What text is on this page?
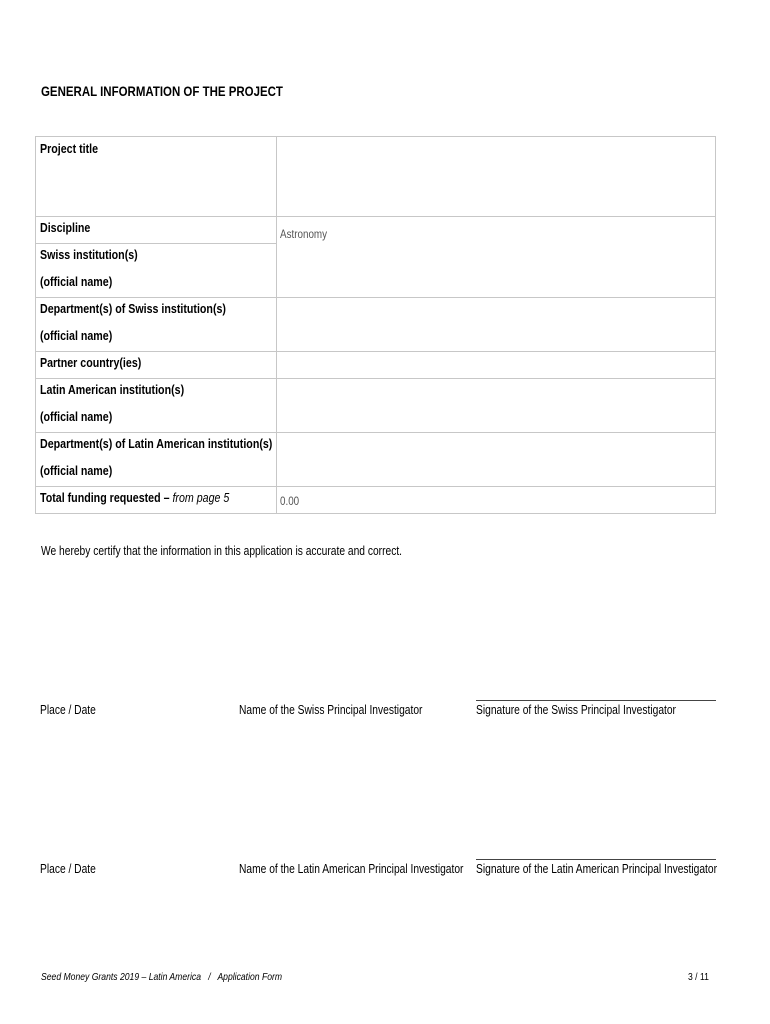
GENERAL INFORMATION OF THE PROJECT
Project title
Discipline	Astronomy
Swiss institution(s)
(official name)
Department(s) of Swiss institution(s)
(official name)
Partner country(ies)
Latin American institution(s)
(official name)
Department(s) of Latin American institution(s)
(official name)
Total funding requested – from page 5	0.00
We hereby certify that the information in this application is accurate and correct.
Place / Date	Name of the Swiss Principal Investigator	Signature of the Swiss Principal Investigator
Place / Date	Name of the Latin American Principal Investigator	Signature of the Latin American Principal Investigator
Seed Money Grants 2019 – Latin America   /   Application Form	3 / 11
